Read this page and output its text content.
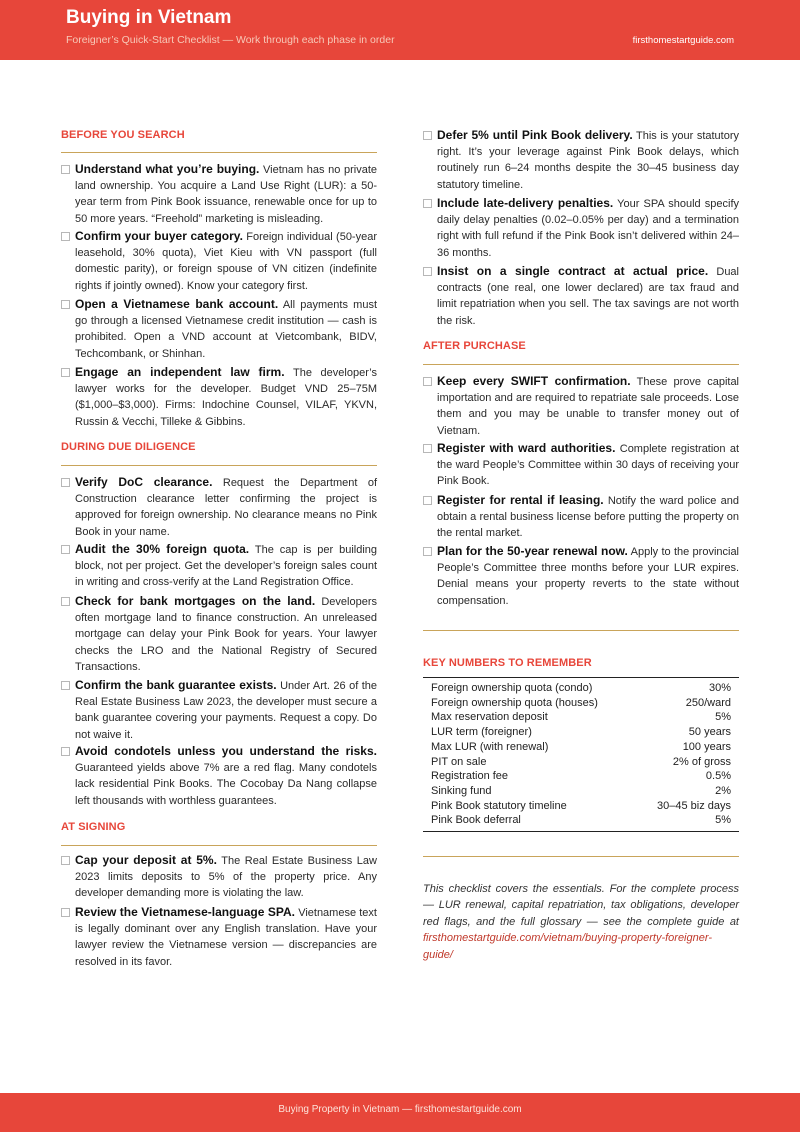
Buying in Vietnam
Foreigner’s Quick-Start Checklist — Work through each phase in order	firsthomestartguide.com
BEFORE YOU SEARCH
Understand what you’re buying. Vietnam has no private land ownership. You acquire a Land Use Right (LUR): a 50-year term from Pink Book issuance, renewable once for up to 50 more years. “Freehold” marketing is misleading.
Confirm your buyer category. Foreign individual (50-year leasehold, 30% quota), Viet Kieu with VN passport (full domestic parity), or foreign spouse of VN citizen (indefinite rights if jointly owned). Know your category first.
Open a Vietnamese bank account. All payments must go through a licensed Vietnamese credit institution — cash is prohibited. Open a VND account at Vietcombank, BIDV, Techcombank, or Shinhan.
Engage an independent law firm. The developer’s lawyer works for the developer. Budget VND 25–75M ($1,000–$3,000). Firms: Indochine Counsel, VILAF, YKVN, Russin & Vecchi, Tilleke & Gibbins.
DURING DUE DILIGENCE
Verify DoC clearance. Request the Department of Construction clearance letter confirming the project is approved for foreign ownership. No clearance means no Pink Book in your name.
Audit the 30% foreign quota. The cap is per building block, not per project. Get the developer’s foreign sales count in writing and cross-verify at the Land Registration Office.
Check for bank mortgages on the land. Developers often mortgage land to finance construction. An unreleased mortgage can delay your Pink Book for years. Your lawyer checks the LRO and the National Registry of Secured Transactions.
Confirm the bank guarantee exists. Under Art. 26 of the Real Estate Business Law 2023, the developer must secure a bank guarantee covering your payments. Request a copy. Do not waive it.
Avoid condotels unless you understand the risks. Guaranteed yields above 7% are a red flag. Many condotels lack residential Pink Books. The Cocobay Da Nang collapse left thousands with worthless guarantees.
AT SIGNING
Cap your deposit at 5%. The Real Estate Business Law 2023 limits deposits to 5% of the property price. Any developer demanding more is violating the law.
Review the Vietnamese-language SPA. Vietnamese text is legally dominant over any English translation. Have your lawyer review the Vietnamese version — discrepancies are resolved in its favor.
Defer 5% until Pink Book delivery. This is your statutory right. It’s your leverage against Pink Book delays, which routinely run 6–24 months despite the 30–45 business day statutory timeline.
Include late-delivery penalties. Your SPA should specify daily delay penalties (0.02–0.05% per day) and a termination right with full refund if the Pink Book isn’t delivered within 24–36 months.
Insist on a single contract at actual price. Dual contracts (one real, one lower declared) are tax fraud and limit repatriation when you sell. The tax savings are not worth the risk.
AFTER PURCHASE
Keep every SWIFT confirmation. These prove capital importation and are required to repatriate sale proceeds. Lose them and you may be unable to transfer money out of Vietnam.
Register with ward authorities. Complete registration at the ward People’s Committee within 30 days of receiving your Pink Book.
Register for rental if leasing. Notify the ward police and obtain a rental business license before putting the property on the rental market.
Plan for the 50-year renewal now. Apply to the provincial People’s Committee three months before your LUR expires. Denial means your property reverts to the state without compensation.
KEY NUMBERS TO REMEMBER
Foreign ownership quota (condo)	30%
Foreign ownership quota (houses)	250/ward
Max reservation deposit	5%
LUR term (foreigner)	50 years
Max LUR (with renewal)	100 years
PIT on sale	2% of gross
Registration fee	0.5%
Sinking fund	2%
Pink Book statutory timeline	30–45 biz days
Pink Book deferral	5%
This checklist covers the essentials. For the complete process — LUR renewal, capital repatriation, tax obligations, developer red flags, and the full glossary — see the complete guide at firsthomestartguide.com/vietnam/buying-property-foreigner-guide/
Buying Property in Vietnam — firsthomestartguide.com
